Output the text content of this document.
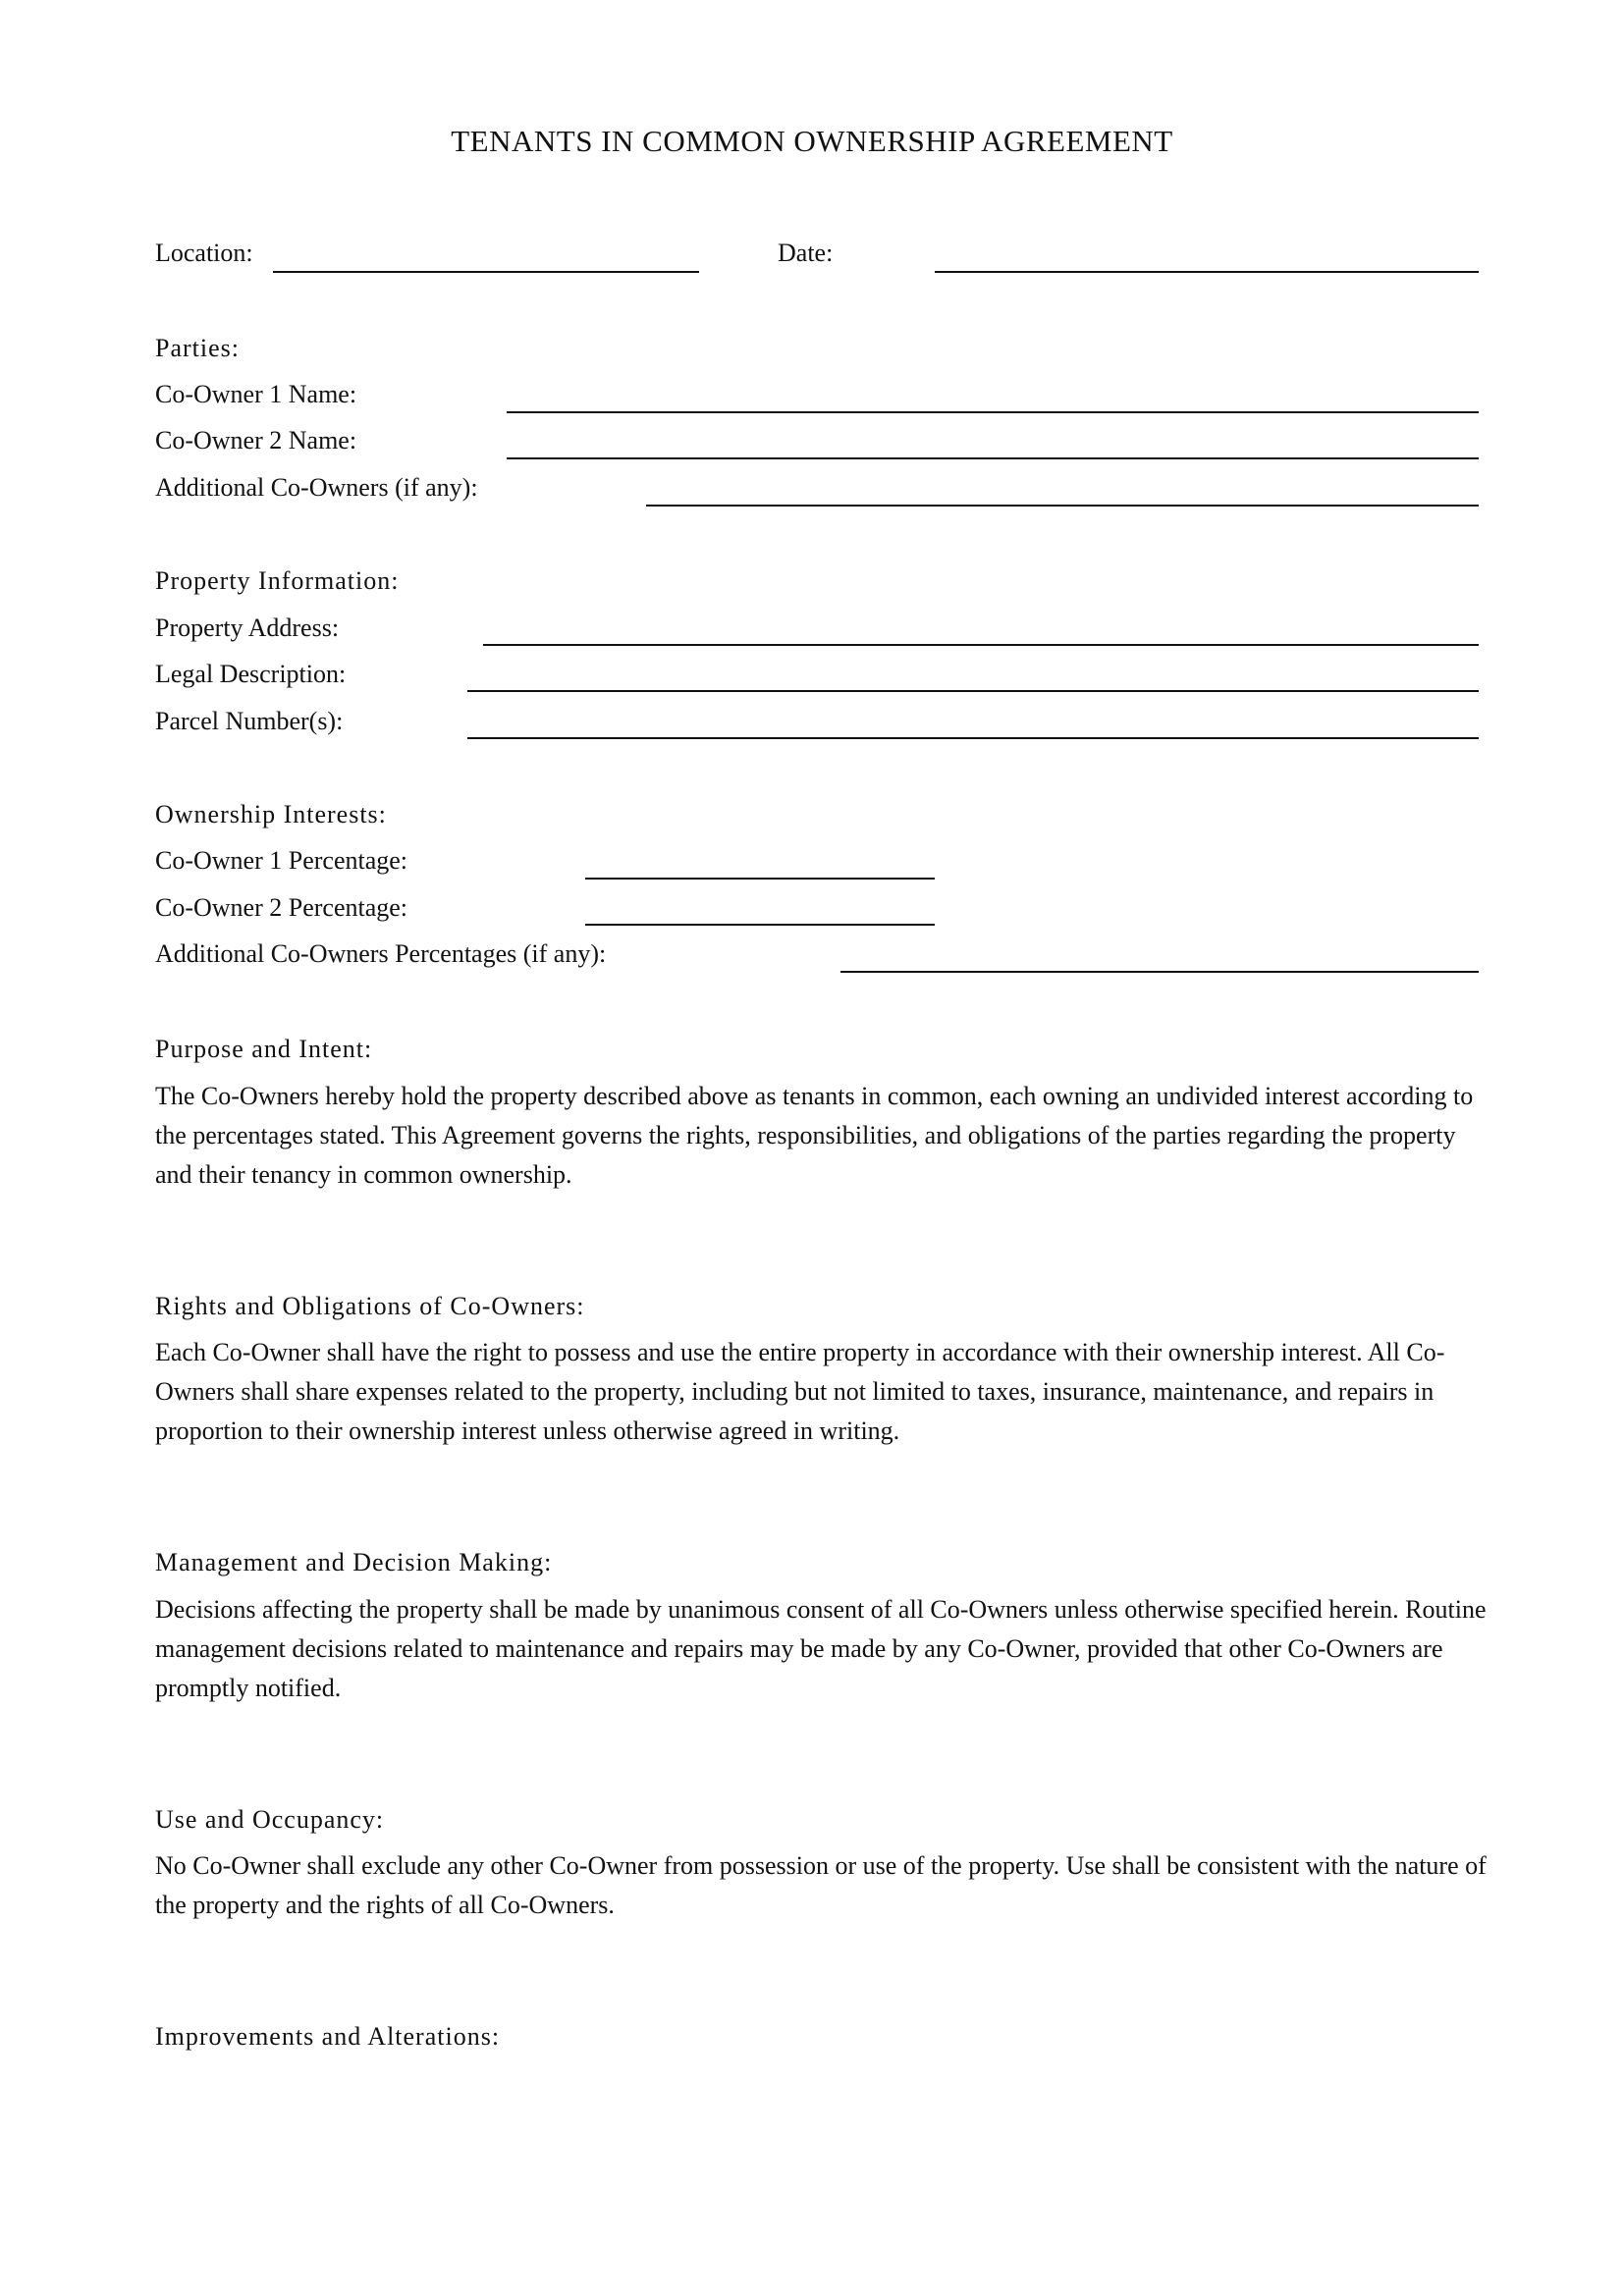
TENANTS IN COMMON OWNERSHIP AGREEMENT
Location:	Date:
Parties:
Co-Owner 1 Name:
Co-Owner 2 Name:
Additional Co-Owners (if any):
Property Information:
Property Address:
Legal Description:
Parcel Number(s):
Ownership Interests:
Co-Owner 1 Percentage:
Co-Owner 2 Percentage:
Additional Co-Owners Percentages (if any):
Purpose and Intent:
The Co-Owners hereby hold the property described above as tenants in common, each owning an undivided interest according to the percentages stated. This Agreement governs the rights, responsibilities, and obligations of the parties regarding the property and their tenancy in common ownership.
Rights and Obligations of Co-Owners:
Each Co-Owner shall have the right to possess and use the entire property in accordance with their ownership interest. All Co-Owners shall share expenses related to the property, including but not limited to taxes, insurance, maintenance, and repairs in proportion to their ownership interest unless otherwise agreed in writing.
Management and Decision Making:
Decisions affecting the property shall be made by unanimous consent of all Co-Owners unless otherwise specified herein. Routine management decisions related to maintenance and repairs may be made by any Co-Owner, provided that other Co-Owners are promptly notified.
Use and Occupancy:
No Co-Owner shall exclude any other Co-Owner from possession or use of the property. Use shall be consistent with the nature of the property and the rights of all Co-Owners.
Improvements and Alterations:
